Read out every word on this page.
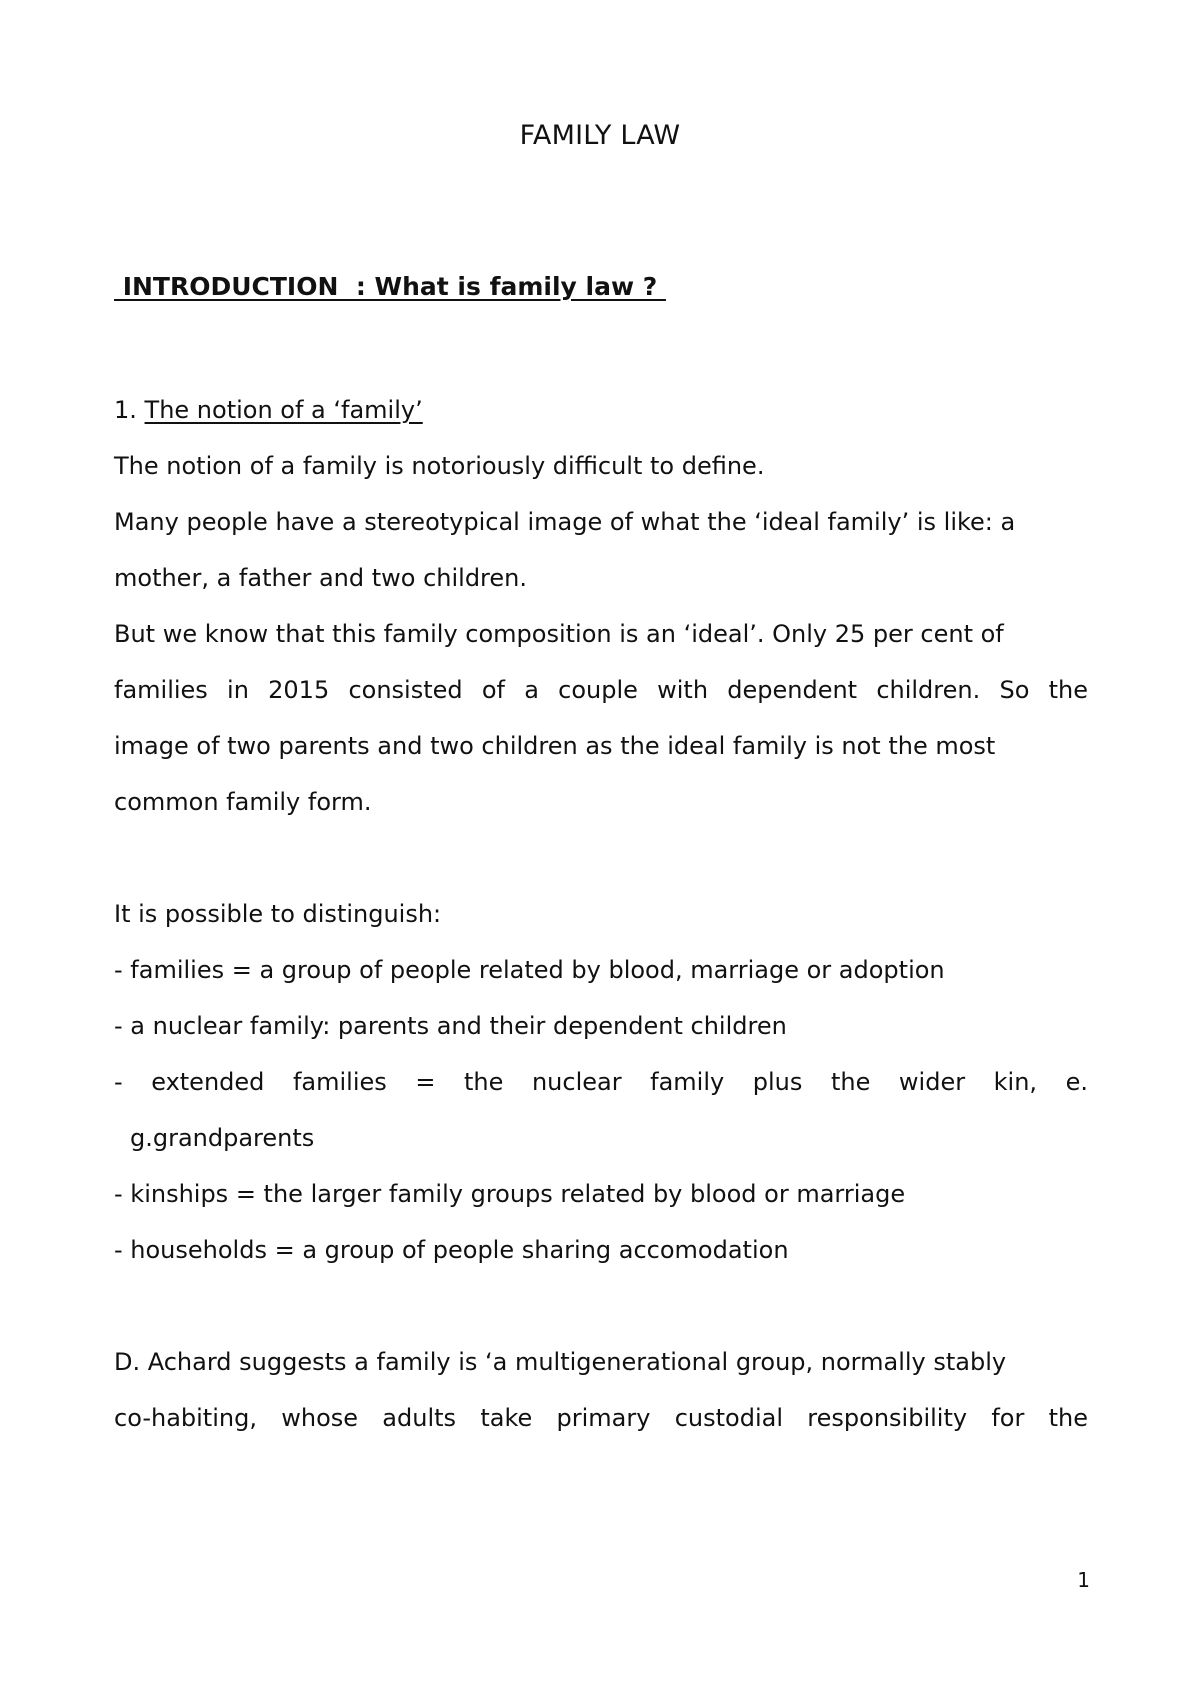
FAMILY LAW
INTRODUCTION  : What is family law ?
1. The notion of a ‘family’
The notion of a family is notoriously difficult to define.
Many people have a stereotypical image of what the ‘ideal family’ is like: a
mother, a father and two children.
But we know that this family composition is an ‘ideal’. Only 25 per cent of
families in 2015 consisted of a couple with dependent children. So the
image of two parents and two children as the ideal family is not the most
common family form.
It is possible to distinguish:
- families = a group of people related by blood, marriage or adoption
- a nuclear family: parents and their dependent children
- extended families = the nuclear family plus the wider kin, e.
g.grandparents
- kinships = the larger family groups related by blood or marriage
- households = a group of people sharing accomodation
D. Achard suggests a family is ‘a multigenerational group, normally stably
co-habiting, whose adults take primary custodial responsibility for the
1
